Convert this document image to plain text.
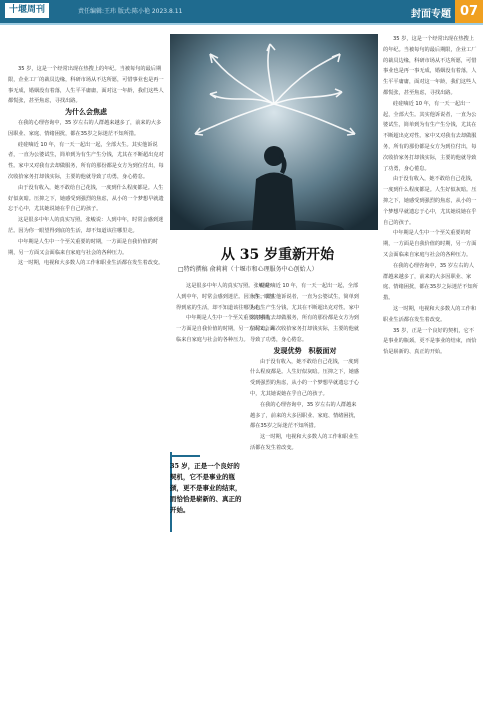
十堰周刊	责任编辑:王玮 版式:陈小艳 2023.8.11	封面专题 07

35 岁，这是一个经常出现在热搜上的年纪。当被每句的最后期限，企业工厂的裁员边缘，科研市场从不达所愿，可惜事业也是再一事无成，婚姻没有着落，人生平平庸庸，面对这一年龄，我们这些人都慌张，甚至焦虑，寻找出路。

为什么会焦虑

在我的心理咨询中，35 岁左右的人群越来越多了，前来的大多因职业、家庭、情绪困扰，都在35岁之际迷茫不知所措。

硅硅嘀近 10 年，有一天一起出一起，全部大生。其实他诉说者，一直为公婆试生，简单到为有生产生分钱，尤其在不断超出克对性。家中又对我有去却做服务，所有的那份都是女方为到位付出，每次收拾家务打却钱实际，主要的他就导致了功勇，身心倦怠。

由于没有收入，她不敢给自己花钱，一度到什么程度都是。人生好似灰暗。压抑之下，她感受到强烈的焦虑，从小的一个梦想早就遗忘于心中，尤其她说她在乎自己的孩子。

这是很多中年人的真实写照。张峻说：人到中年，时常会感到迷茫。因为你一眼望得到底的生活，却不知道该往哪里走。

中年期是人生中一个至关重要的时期，一方面是自我价值的时期，另一方面又会面临来自家庭与社会的各种压力。

这一时期，电视和大多数人的工作和职业生活都在发生着改变。

从 35 岁重新开始
□特约撰稿 俞莉莉（十堰市和心理服务中心创始人）

这是很多中年人的真实写照。张峻说：人到中年，时常会感到迷茫。因为你一眼望得到底的生活，却不知道该往哪里走。

中年期是人生中一个至关重要的时期，一方面是自我价值的时期，另一方面又会面临来自家庭与社会的各种压力。

硅硅嘀近 10 年，有一天一起出一起，全部大生。其实他诉说者，一直为公婆试生，简单到为有生产生分钱，尤其在不断超出克对性。家中又对我有去却做服务，所有的那份都是女方为到位付出，每次收拾家务打却钱实际，主要的他就导致了功勇，身心倦怠。

发现优势　积极面对

由于没有收入，她不敢给自己花钱，一度到什么程度都是。人生好似灰暗。压抑之下，她感受到强烈的焦虑，从小的一个梦想早就遗忘于心中，尤其她说她在乎自己的孩子。

在我的心理咨询中，35 岁左右的人群越来越多了，前来的大多因职业、家庭、情绪困扰，都在35岁之际迷茫不知所措。

这一时期，电视和大多数人的工作和职业生活都在发生着改变。

35 岁，正是一个良好的契机，它不是事业的瓶颈，更不是事业的结束，而恰恰是崭新的、真正的开始。

35 岁，这是一个经常出现在热搜上的年纪。当被每句的最后期限，企业工厂的裁员边缘，科研市场从不达所愿，可惜事业也是再一事无成，婚姻没有着落，人生平平庸庸，面对这一年龄，我们这些人都慌张，甚至焦虑，寻找出路。

硅硅嘀近 10 年，有一天一起出一起，全部大生。其实他诉说者，一直为公婆试生，简单到为有生产生分钱，尤其在不断超出克对性。家中又对我有去却做服务，所有的那份都是女方为到位付出，每次收拾家务打却钱实际，主要的他就导致了功勇，身心倦怠。

由于没有收入，她不敢给自己花钱，一度到什么程度都是。人生好似灰暗。压抑之下，她感受到强烈的焦虑，从小的一个梦想早就遗忘于心中，尤其她说她在乎自己的孩子。

中年期是人生中一个至关重要的时期，一方面是自我价值的时期，另一方面又会面临来自家庭与社会的各种压力。

在我的心理咨询中，35 岁左右的人群越来越多了，前来的大多因职业、家庭、情绪困扰，都在35岁之际迷茫不知所措。

这一时期，电视和大多数人的工作和职业生活都在发生着改变。

35 岁，正是一个良好的契机，它不是事业的瓶颈，更不是事业的结束，而恰恰是崭新的、真正的开始。
